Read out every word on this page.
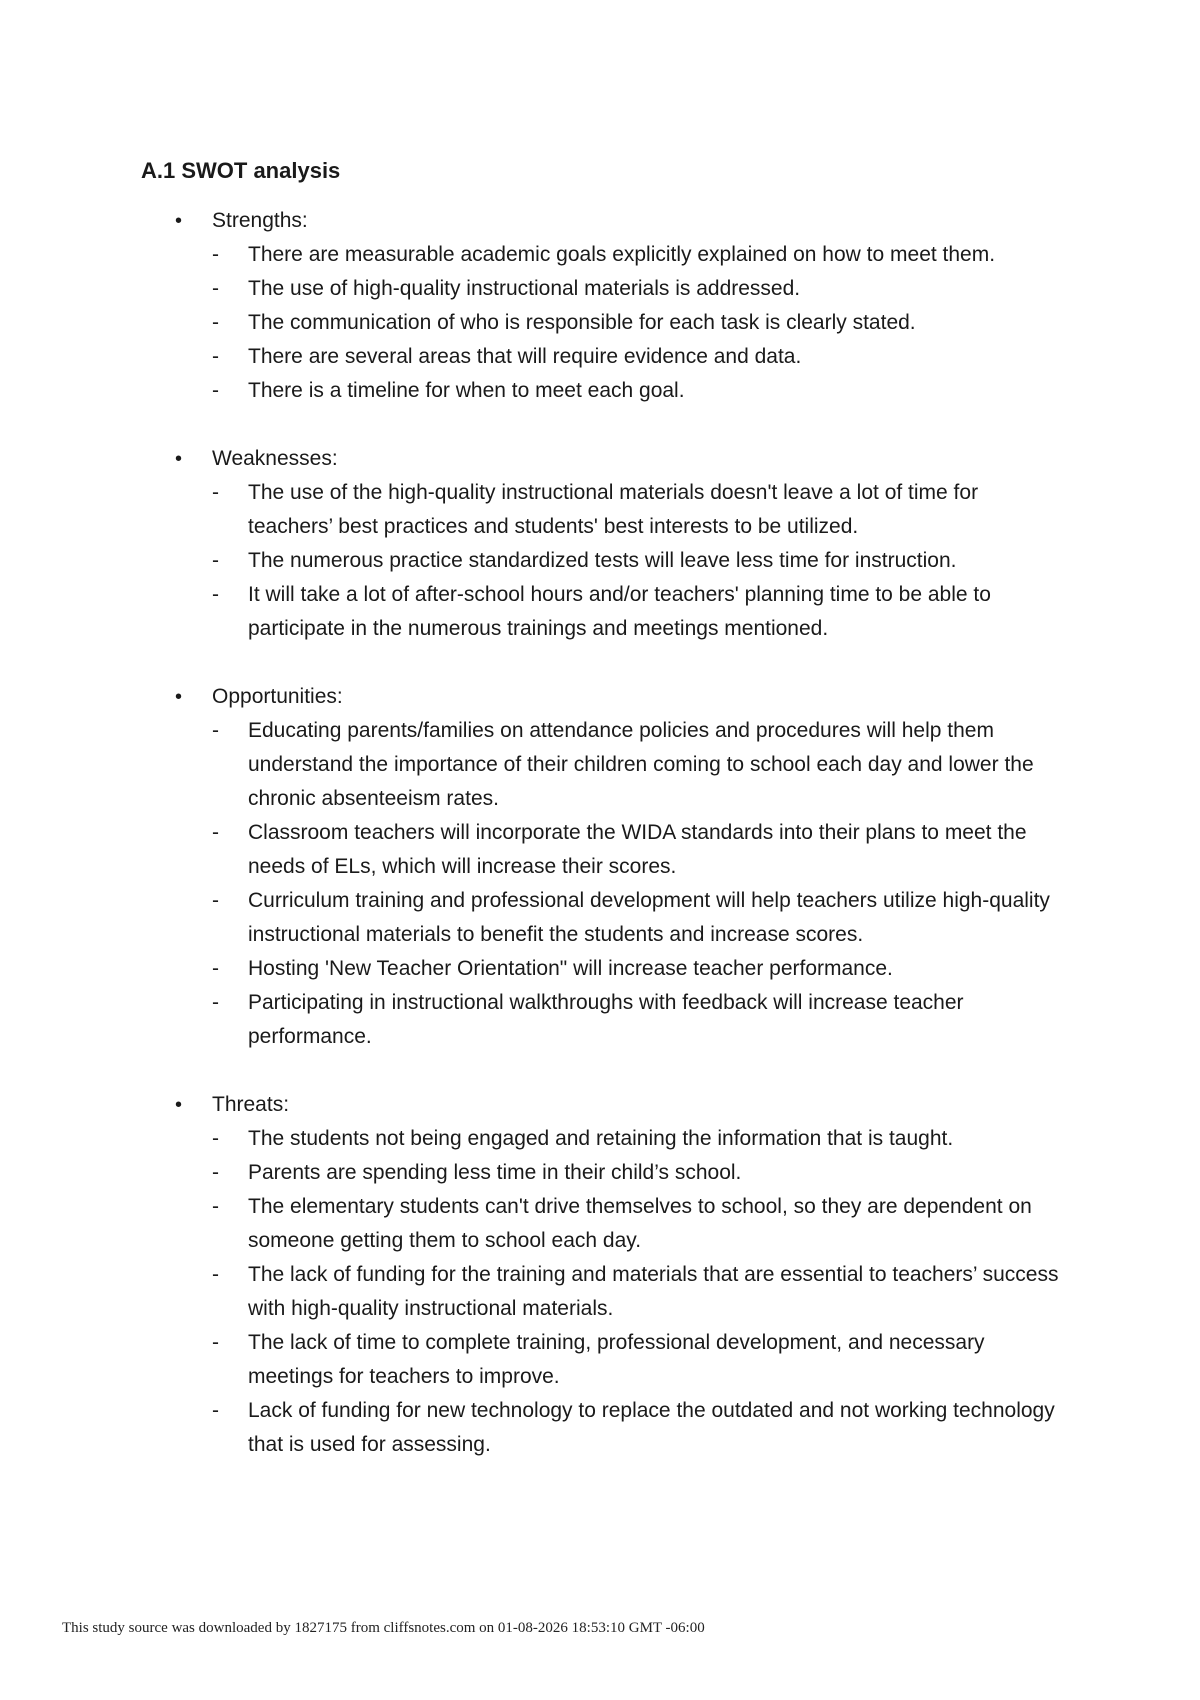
A.1 SWOT analysis
• Strengths:
- There are measurable academic goals explicitly explained on how to meet them.
- The use of high-quality instructional materials is addressed.
- The communication of who is responsible for each task is clearly stated.
- There are several areas that will require evidence and data.
- There is a timeline for when to meet each goal.
• Weaknesses:
- The use of the high-quality instructional materials doesn't leave a lot of time for teachers’ best practices and students' best interests to be utilized.
- The numerous practice standardized tests will leave less time for instruction.
- It will take a lot of after-school hours and/or teachers' planning time to be able to participate in the numerous trainings and meetings mentioned.
• Opportunities:
- Educating parents/families on attendance policies and procedures will help them understand the importance of their children coming to school each day and lower the chronic absenteeism rates.
- Classroom teachers will incorporate the WIDA standards into their plans to meet the needs of ELs, which will increase their scores.
- Curriculum training and professional development will help teachers utilize high-quality instructional materials to benefit the students and increase scores.
- Hosting 'New Teacher Orientation" will increase teacher performance.
- Participating in instructional walkthroughs with feedback will increase teacher performance.
• Threats:
- The students not being engaged and retaining the information that is taught.
- Parents are spending less time in their child’s school.
- The elementary students can't drive themselves to school, so they are dependent on someone getting them to school each day.
- The lack of funding for the training and materials that are essential to teachers’ success with high-quality instructional materials.
- The lack of time to complete training, professional development, and necessary meetings for teachers to improve.
- Lack of funding for new technology to replace the outdated and not working technology that is used for assessing.
This study source was downloaded by 1827175 from cliffsnotes.com on 01-08-2026 18:53:10 GMT -06:00
